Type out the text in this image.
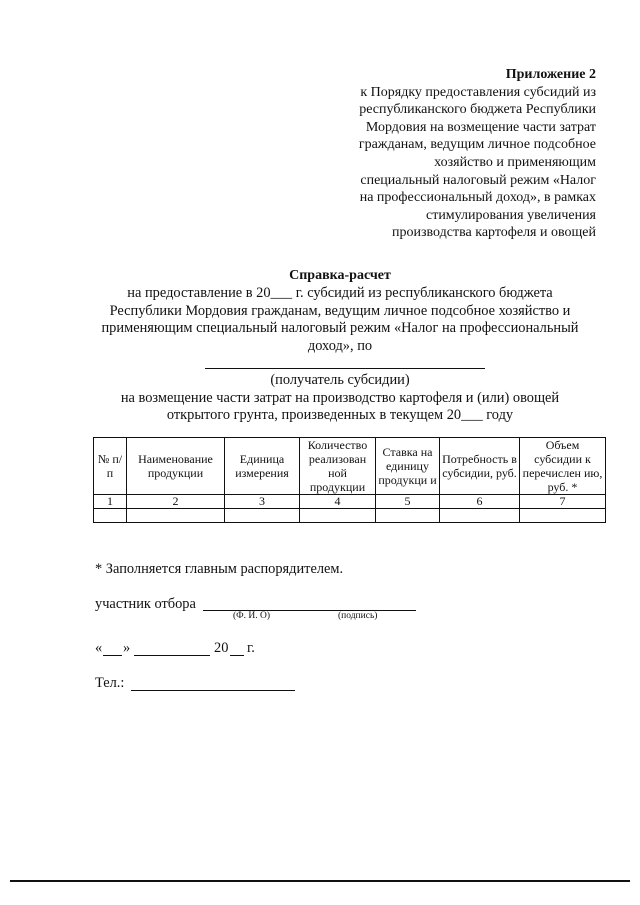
Приложение 2
к Порядку предоставления субсидий из
республиканского бюджета Республики
Мордовия на возмещение части затрат
гражданам, ведущим личное подсобное
хозяйство и применяющим
специальный налоговый режим «Налог
на профессиональный доход», в рамках
стимулирования увеличения
производства картофеля и овощей
Справка-расчет
на предоставление в 20___ г. субсидий из республиканского бюджета
Республики Мордовия гражданам, ведущим личное подсобное хозяйство и
применяющим специальный налоговый режим «Налог на профессиональный
доход», по
(получатель субсидии)
на возмещение части затрат на производство картофеля и (или) овощей
открытого грунта, произведенных в текущем 20___ году
№ п/п	Наименование продукции	Единица измерения	Количество реализован ной продукции	Ставка на единицу продукци и	Потребность в субсидии, руб.	Объем субсидии к перечислен ию, руб. *
1	2	3	4	5	6	7

* Заполняется главным распорядителем.
участник отбора
(Ф. И. О)	(подпись)
« »	20 г.
Тел.:
